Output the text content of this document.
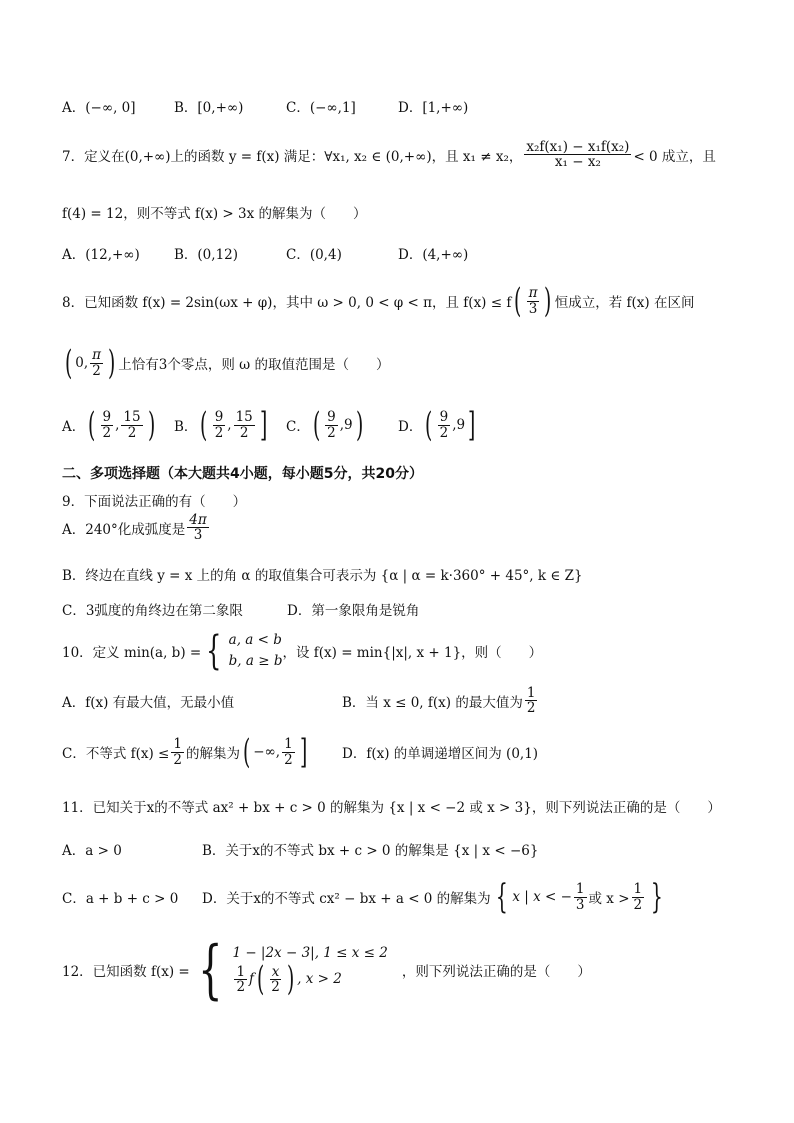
A．(−∞, 0]	B．[0,+∞)	C．(−∞,1]	D．[1,+∞)
7．定义在(0,+∞)上的函数 y = f(x) 满足：∀x₁, x₂ ∈ (0,+∞)，且 x₁ ≠ x₂， $\frac{\text{x₂f(x₁) − x₁f(x₂)}}{\text{x₁ − x₂}} < 0$ 成立，且
f(4) = 12，则不等式 f(x) > 3x 的解集为（　　）
A．(12,+∞)	B．(0,12)	C．(0,4)	D．(4,+∞)
8．已知函数 f(x) = 2sin(ωx + φ)，其中 ω > 0, 0 < φ < π，且 f(x) ≤ f ( $\frac{\pi}{3}$ ) 恒成立，若 f(x) 在区间
( 0, $\frac{\pi}{2}$ ) 上恰有3个零点，则 ω 的取值范围是（　　）
A． ( $\frac{9}{2}$ , $\frac{15}{2}$ ) B． ( $\frac{9}{2}$ , $\frac{15}{2}$ ] C． ( $\frac{9}{2} ,9$ )	D． ( $\frac{9}{2} ,9$ ]
二、多项选择题（本大题共4小题，每小题5分，共20分）
9．下面说法正确的有（　　）
A．240°化成弧度是 $\frac{4\pi}{3}$
B．终边在直线 y = x 上的角 α 的取值集合可表示为 {α | α = k·360° + 45°, k ∈ Z}
C．3弧度的角终边在第二象限	D．第一象限角是锐角
10．定义 min(a, b) = { a, a < b
b, a ≥ b ，设 f(x) = min{|x|, x + 1}，则（　　）
A．f(x) 有最大值，无最小值	B．当 x ≤ 0, f(x) 的最大值为 $\frac{1}{2}$
C．不等式 $f(x) \le \frac{1}{2}$ 的解集为 ( −∞, $\frac{1}{2}$ ]	D．f(x) 的单调递增区间为 (0,1)
11．已知关于x的不等式 ax² + bx + c > 0 的解集为 {x | x < −2 或 x > 3}，则下列说法正确的是（　　）
A．a > 0	B．关于x的不等式 bx + c > 0 的解集是 {x | x < −6}
C．a + b + c > 0	D．关于x的不等式 cx² − bx + a < 0 的解集为 { x | x < − $\frac{1}{3}$ 或 $x > \frac{1}{2}$ }
12．已知函数 f(x) = { 1 − |2x − 3|, 1 ≤ x ≤ 2
$\frac{1}{2}$ f ( $\frac{x}{2}$ ) , x > 2	，则下列说法正确的是（　　）
